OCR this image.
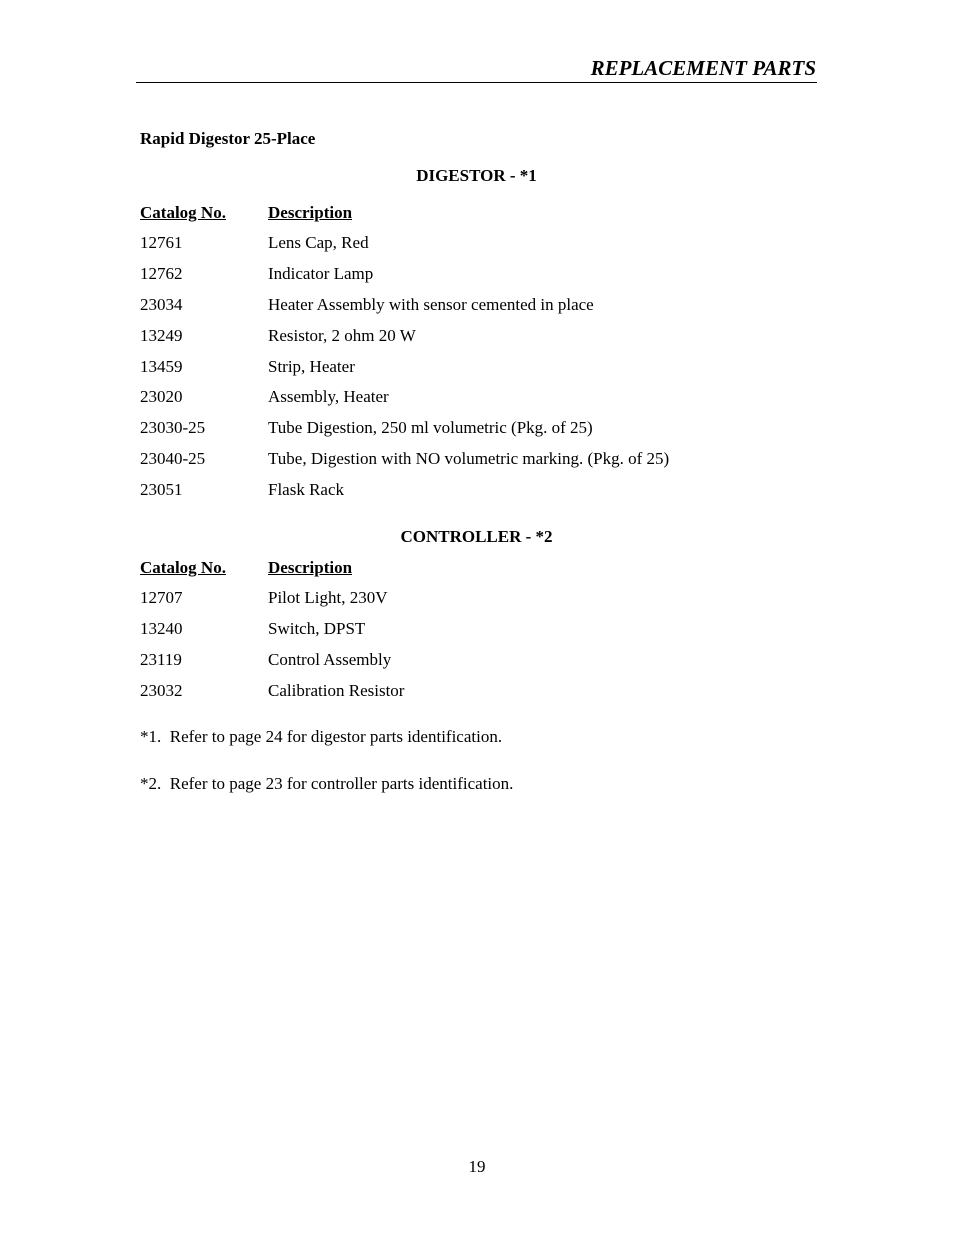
REPLACEMENT PARTS
Rapid Digestor 25-Place
DIGESTOR - *1
Catalog No. Description
12761	Lens Cap, Red
12762	Indicator Lamp
23034	Heater Assembly with sensor cemented in place
13249	Resistor, 2 ohm 20 W
13459	Strip, Heater
23020	Assembly, Heater
23030-25	Tube Digestion, 250 ml volumetric (Pkg. of 25)
23040-25	Tube, Digestion with NO volumetric marking. (Pkg. of 25)
23051	Flask Rack
CONTROLLER - *2
Catalog No. Description
12707	Pilot Light, 230V
13240	Switch, DPST
23119	Control Assembly
23032	Calibration Resistor
*1.  Refer to page 24 for digestor parts identification.
*2.  Refer to page 23 for controller parts identification.
19
